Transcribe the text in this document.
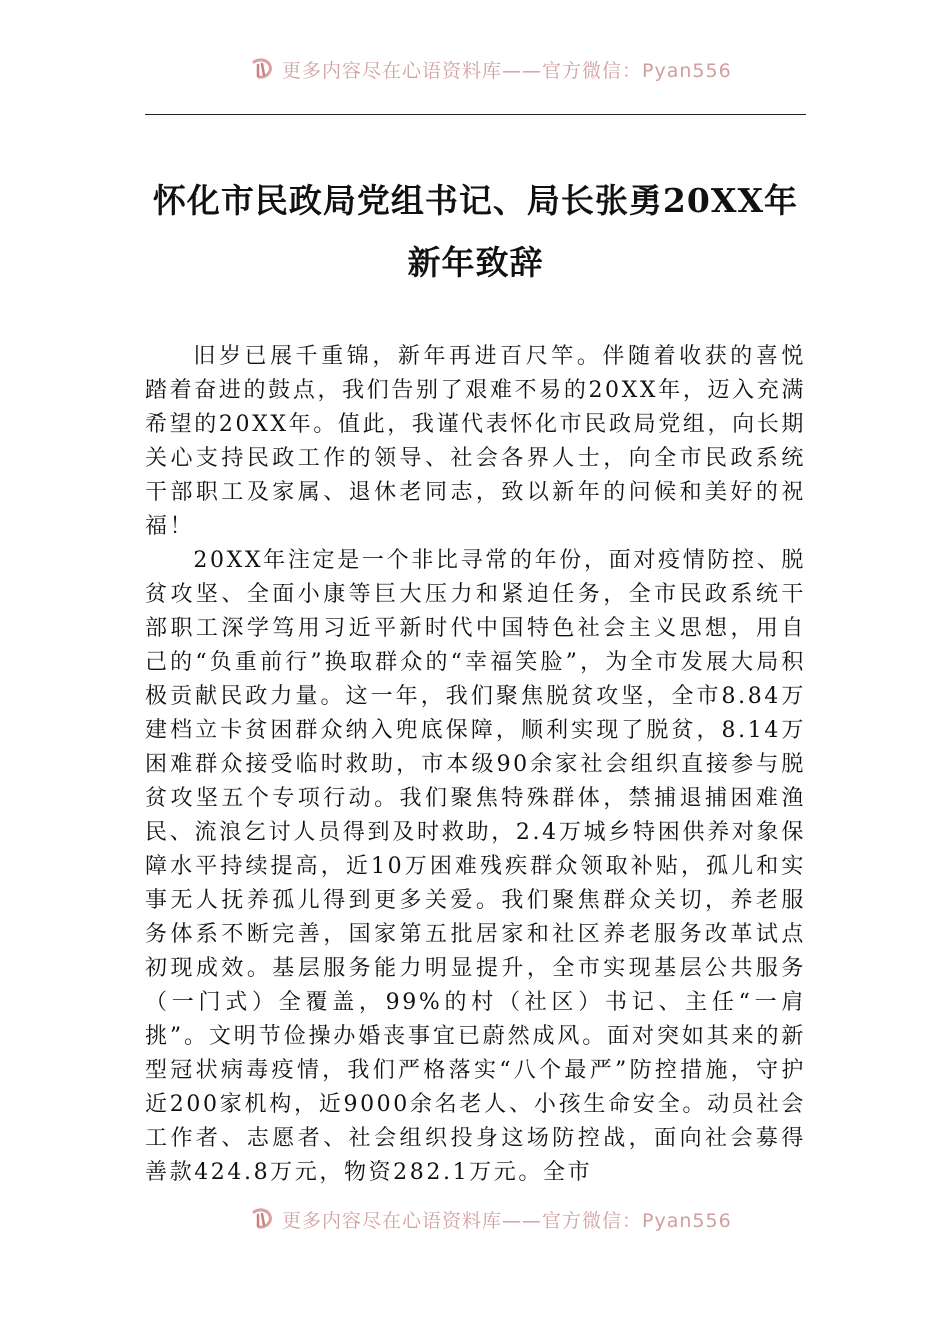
更多内容尽在心语资料库——官方微信：Pyan556
怀化市民政局党组书记、局长张勇20XX年
新年致辞

旧岁已展千重锦，新年再进百尺竿。伴随着收获的喜悦踏着奋进的鼓点，我们告别了艰难不易的20XX年，迈入充满希望的20XX年。值此，我谨代表怀化市民政局党组，向长期关心支持民政工作的领导、社会各界人士，向全市民政系统干部职工及家属、退休老同志，致以新年的问候和美好的祝福！

20XX年注定是一个非比寻常的年份，面对疫情防控、脱贫攻坚、全面小康等巨大压力和紧迫任务，全市民政系统干部职工深学笃用习近平新时代中国特色社会主义思想，用自己的“负重前行”换取群众的“幸福笑脸”，为全市发展大局积极贡献民政力量。这一年，我们聚焦脱贫攻坚，全市8.84万建档立卡贫困群众纳入兜底保障，顺利实现了脱贫，8.14万困难群众接受临时救助，市本级90余家社会组织直接参与脱贫攻坚五个专项行动。我们聚焦特殊群体，禁捕退捕困难渔民、流浪乞讨人员得到及时救助，2.4万城乡特困供养对象保障水平持续提高，近10万困难残疾群众领取补贴，孤儿和实事无人抚养孤儿得到更多关爱。我们聚焦群众关切，养老服务体系不断完善，国家第五批居家和社区养老服务改革试点初现成效。基层服务能力明显提升，全市实现基层公共服务（一门式）全覆盖，99%的村（社区）书记、主任“一肩挑”。文明节俭操办婚丧事宜已蔚然成风。面对突如其来的新型冠状病毒疫情，我们严格落实“八个最严”防控措施，守护近200家机构，近9000余名老人、小孩生命安全。动员社会工作者、志愿者、社会组织投身这场防控战，面向社会募得善款424.8万元，物资282.1万元。全市

更多内容尽在心语资料库——官方微信：Pyan556
